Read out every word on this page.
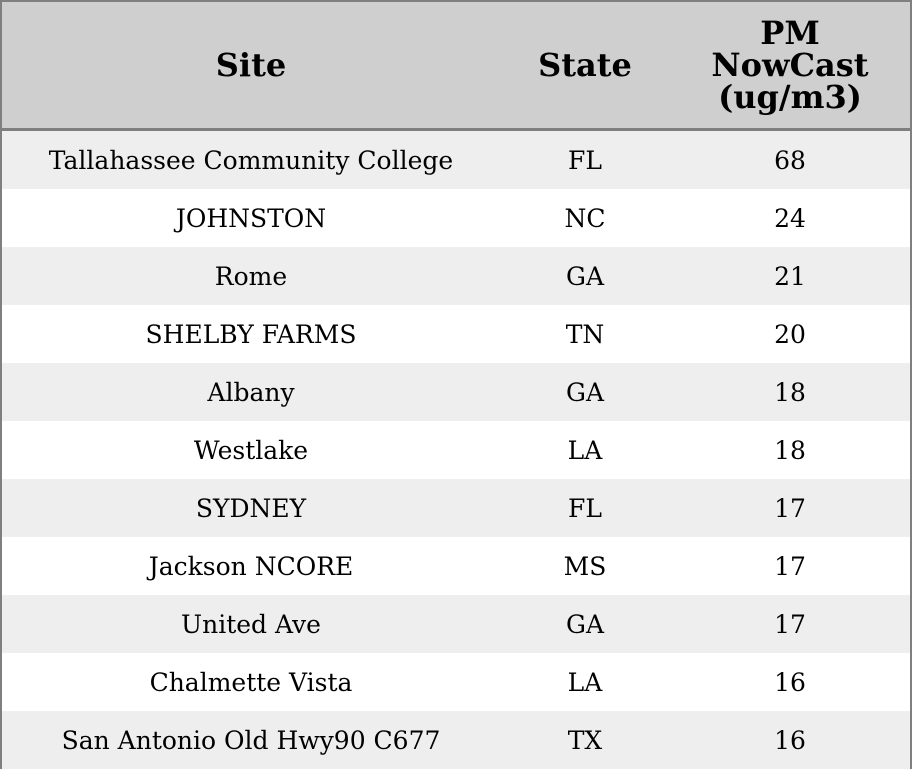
Site	State	PM
NowCast
(ug/m3)

Tallahassee Community College	FL	68
JOHNSTON	NC	24
Rome	GA	21
SHELBY FARMS	TN	20
Albany	GA	18
Westlake	LA	18
SYDNEY	FL	17
Jackson NCORE	MS	17
United Ave	GA	17
Chalmette Vista	LA	16
San Antonio Old Hwy90 C677	TX	16
